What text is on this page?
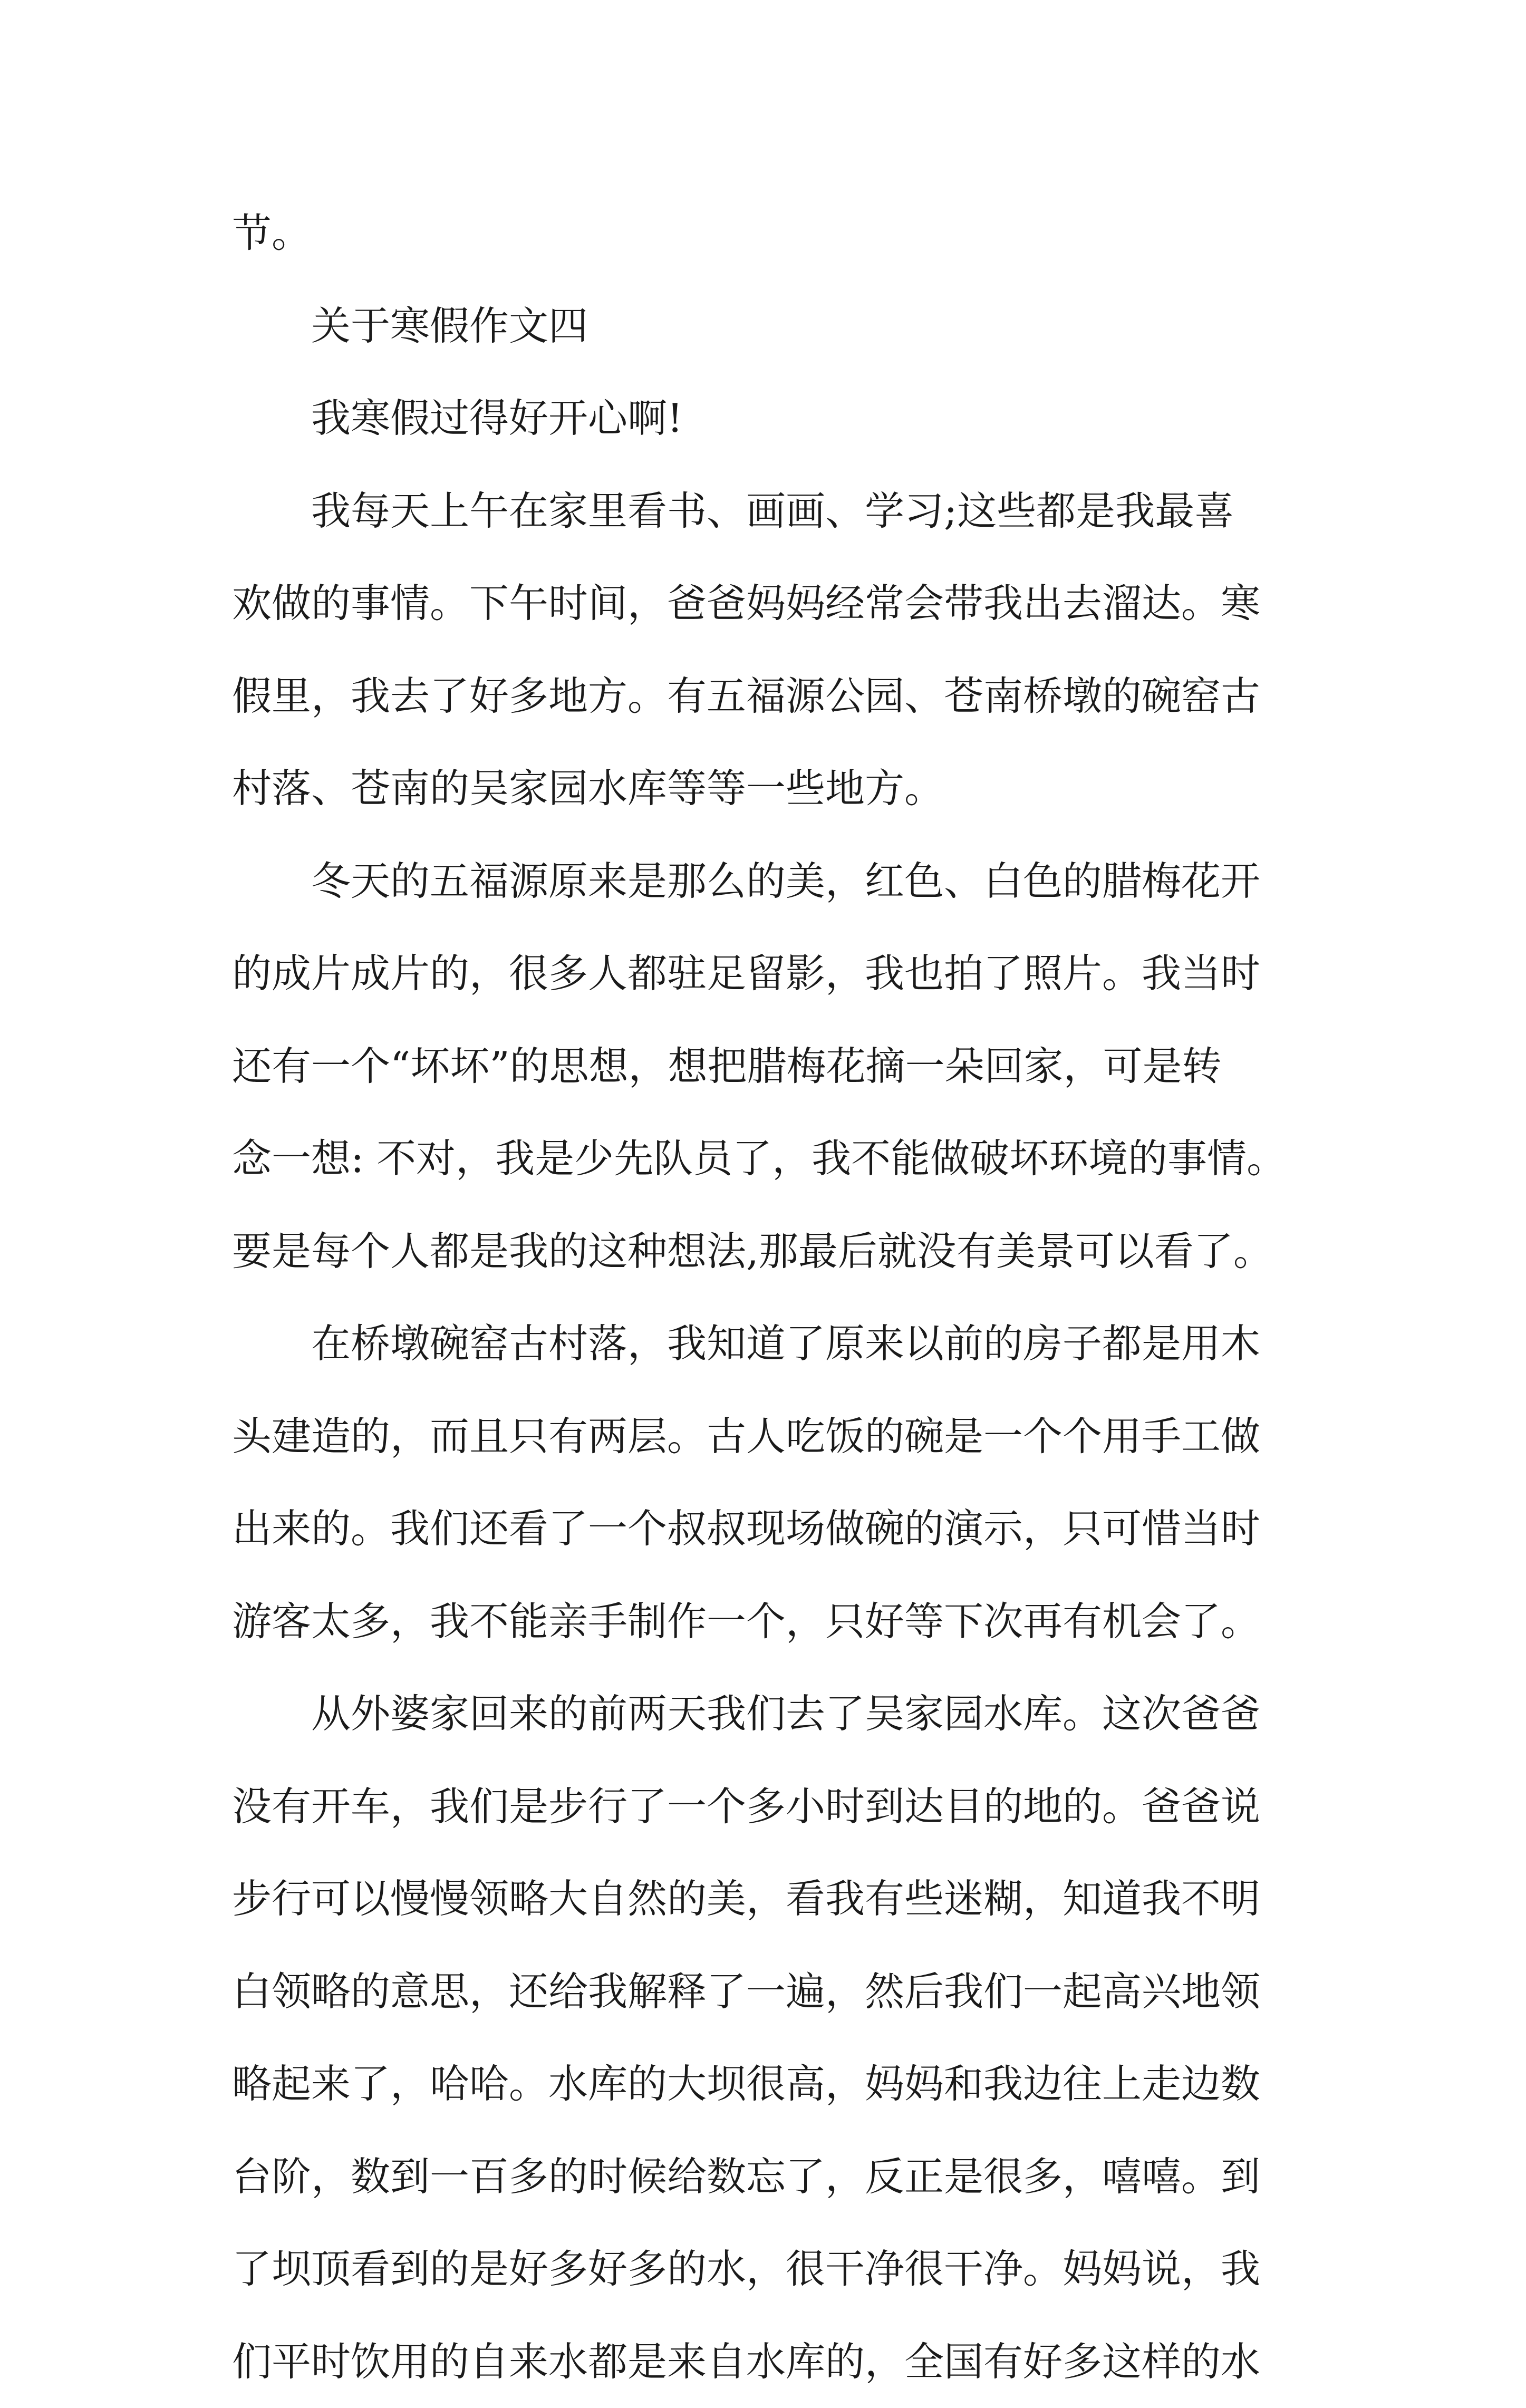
节。
关于寒假作文四
我寒假过得好开心啊!
我每天上午在家里看书、画画、学习;这些都是我最喜
欢做的事情。下午时间，爸爸妈妈经常会带我出去溜达。寒
假里，我去了好多地方。有五福源公园、苍南桥墩的碗窑古
村落、苍南的吴家园水库等等一些地方。
冬天的五福源原来是那么的美，红色、白色的腊梅花开
的成片成片的，很多人都驻足留影，我也拍了照片。我当时
还有一个“坏坏”的思想，想把腊梅花摘一朵回家，可是转
念一想: 不对，我是少先队员了，我不能做破坏环境的事情。
要是每个人都是我的这种想法,那最后就没有美景可以看了。
在桥墩碗窑古村落，我知道了原来以前的房子都是用木
头建造的，而且只有两层。古人吃饭的碗是一个个用手工做
出来的。我们还看了一个叔叔现场做碗的演示，只可惜当时
游客太多，我不能亲手制作一个，只好等下次再有机会了。
从外婆家回来的前两天我们去了吴家园水库。这次爸爸
没有开车，我们是步行了一个多小时到达目的地的。爸爸说
步行可以慢慢领略大自然的美，看我有些迷糊，知道我不明
白领略的意思，还给我解释了一遍，然后我们一起高兴地领
略起来了，哈哈。水库的大坝很高，妈妈和我边往上走边数
台阶，数到一百多的时候给数忘了，反正是很多，嘻嘻。到
了坝顶看到的是好多好多的水，很干净很干净。妈妈说，我
们平时饮用的自来水都是来自水库的，全国有好多这样的水
